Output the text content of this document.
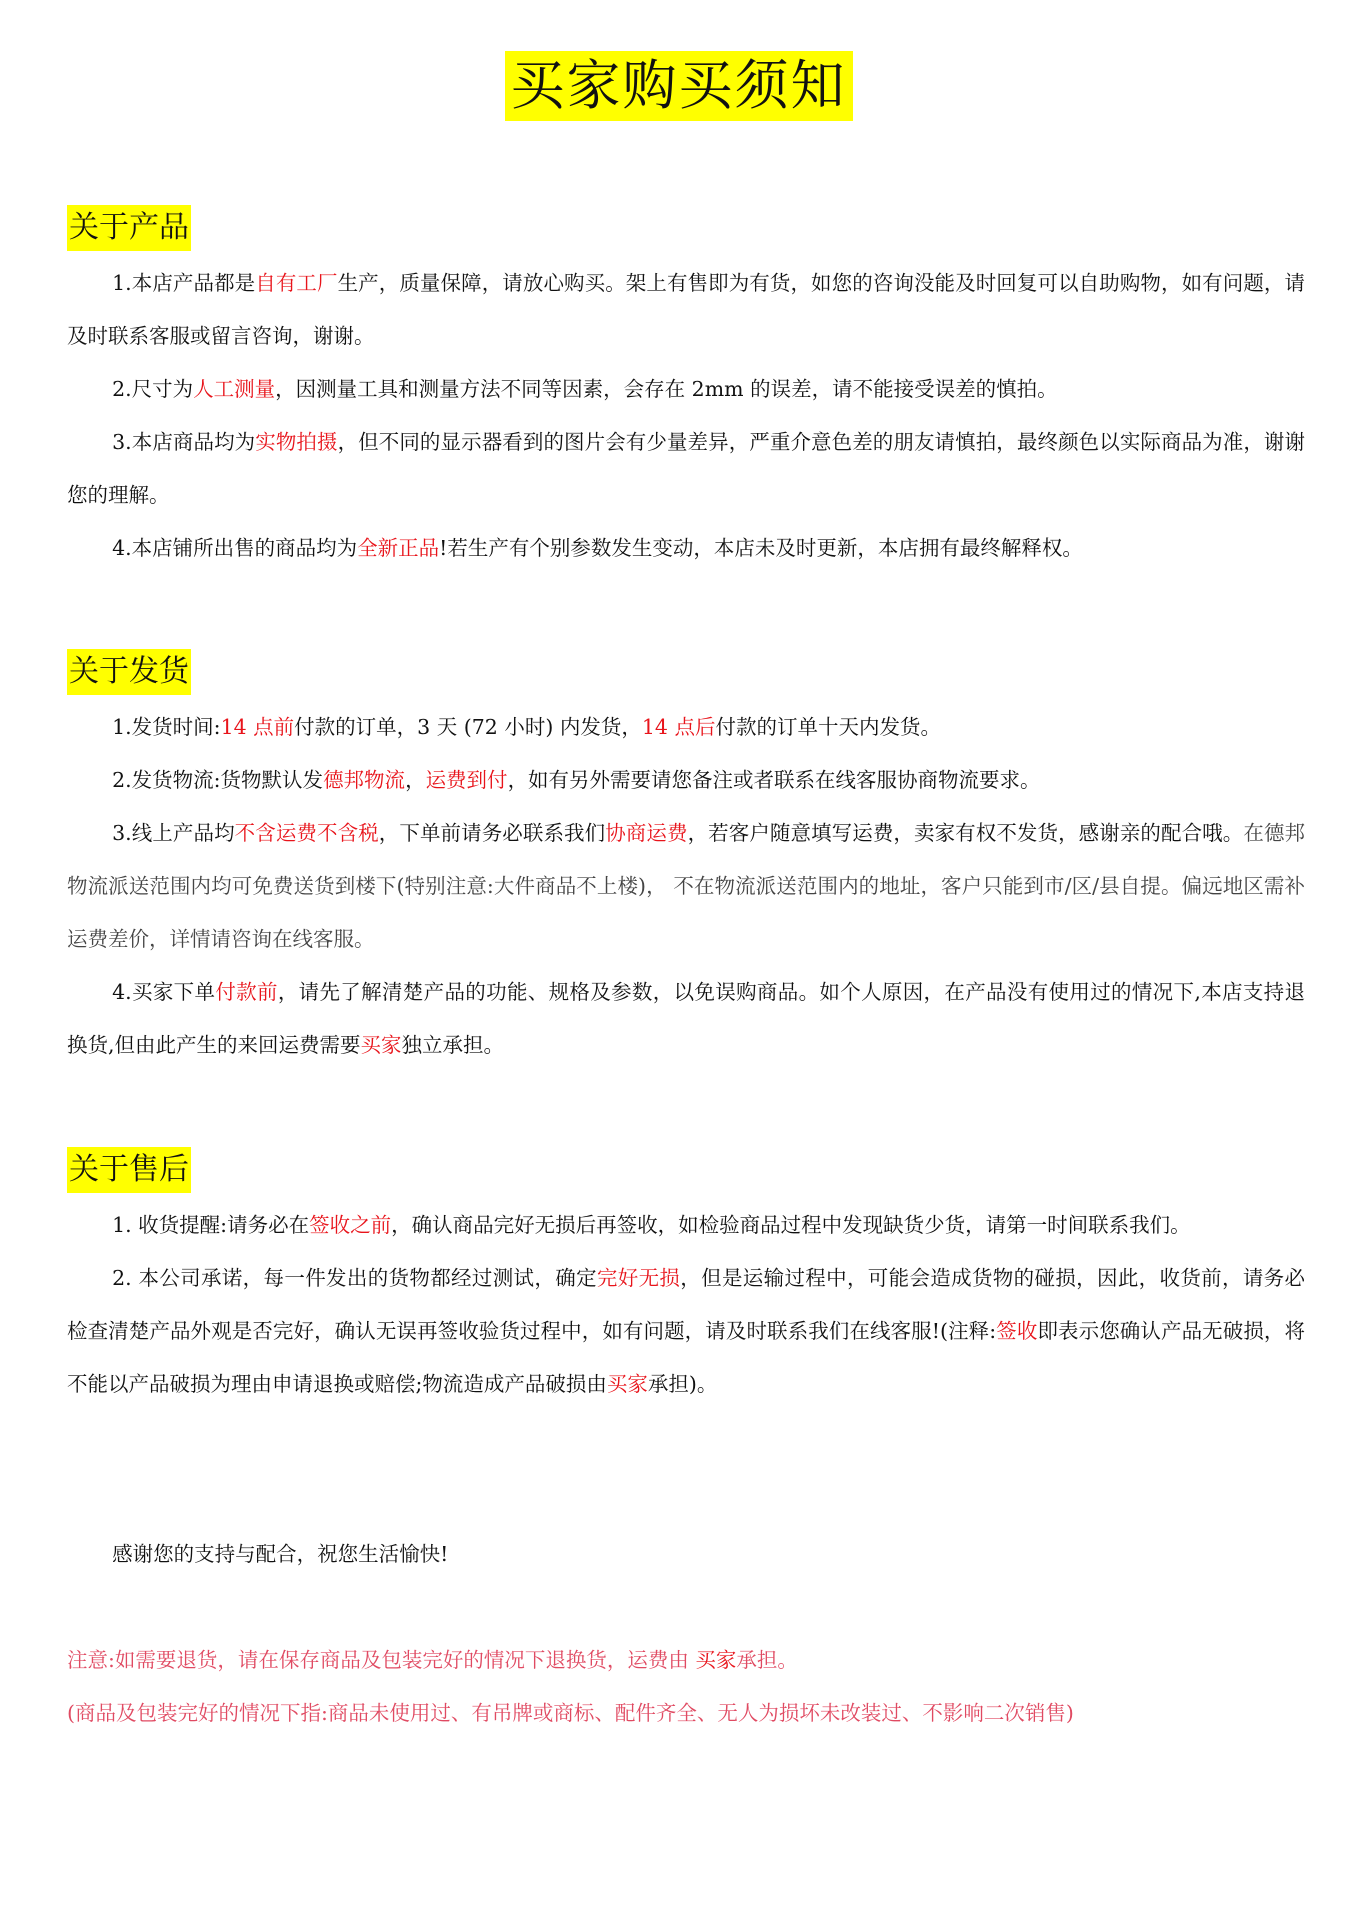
买家购买须知
关于产品

1.本店产品都是自有工厂生产，质量保障，请放心购买。架上有售即为有货，如您的咨询没能及时回复可以自助购物，如有问题，请及时联系客服或留言咨询，谢谢。

2.尺寸为人工测量，因测量工具和测量方法不同等因素，会存在 2mm 的误差，请不能接受误差的慎拍。

3.本店商品均为实物拍摄，但不同的显示器看到的图片会有少量差异，严重介意色差的朋友请慎拍，最终颜色以实际商品为准，谢谢您的理解。

4.本店铺所出售的商品均为全新正品!若生产有个别参数发生变动，本店未及时更新，本店拥有最终解释权。

关于发货

1.发货时间:14 点前付款的订单，3 天 (72 小时) 内发货，14 点后付款的订单十天内发货。

2.发货物流:货物默认发德邦物流，运费到付，如有另外需要请您备注或者联系在线客服协商物流要求。

3.线上产品均不含运费不含税，下单前请务必联系我们协商运费，若客户随意填写运费，卖家有权不发货，感谢亲的配合哦。在德邦物流派送范围内均可免费送货到楼下(特别注意:大件商品不上楼)， 不在物流派送范围内的地址，客户只能到市/区/县自提。偏远地区需补运费差价，详情请咨询在线客服。

4.买家下单付款前，请先了解清楚产品的功能、规格及参数，以免误购商品。如个人原因，在产品没有使用过的情况下,本店支持退换货,但由此产生的来回运费需要买家独立承担。

关于售后

1. 收货提醒:请务必在签收之前，确认商品完好无损后再签收，如检验商品过程中发现缺货少货，请第一时间联系我们。

2. 本公司承诺，每一件发出的货物都经过测试，确定完好无损，但是运输过程中，可能会造成货物的碰损，因此，收货前，请务必检查清楚产品外观是否完好，确认无误再签收验货过程中，如有问题，请及时联系我们在线客服!(注释:签收即表示您确认产品无破损，将不能以产品破损为理由申请退换或赔偿;物流造成产品破损由买家承担)。

感谢您的支持与配合，祝您生活愉快!

注意:如需要退货，请在保存商品及包装完好的情况下退换货，运费由 买家承担。

(商品及包装完好的情况下指:商品未使用过、有吊牌或商标、配件齐全、无人为损坏未改装过、不影响二次销售)
